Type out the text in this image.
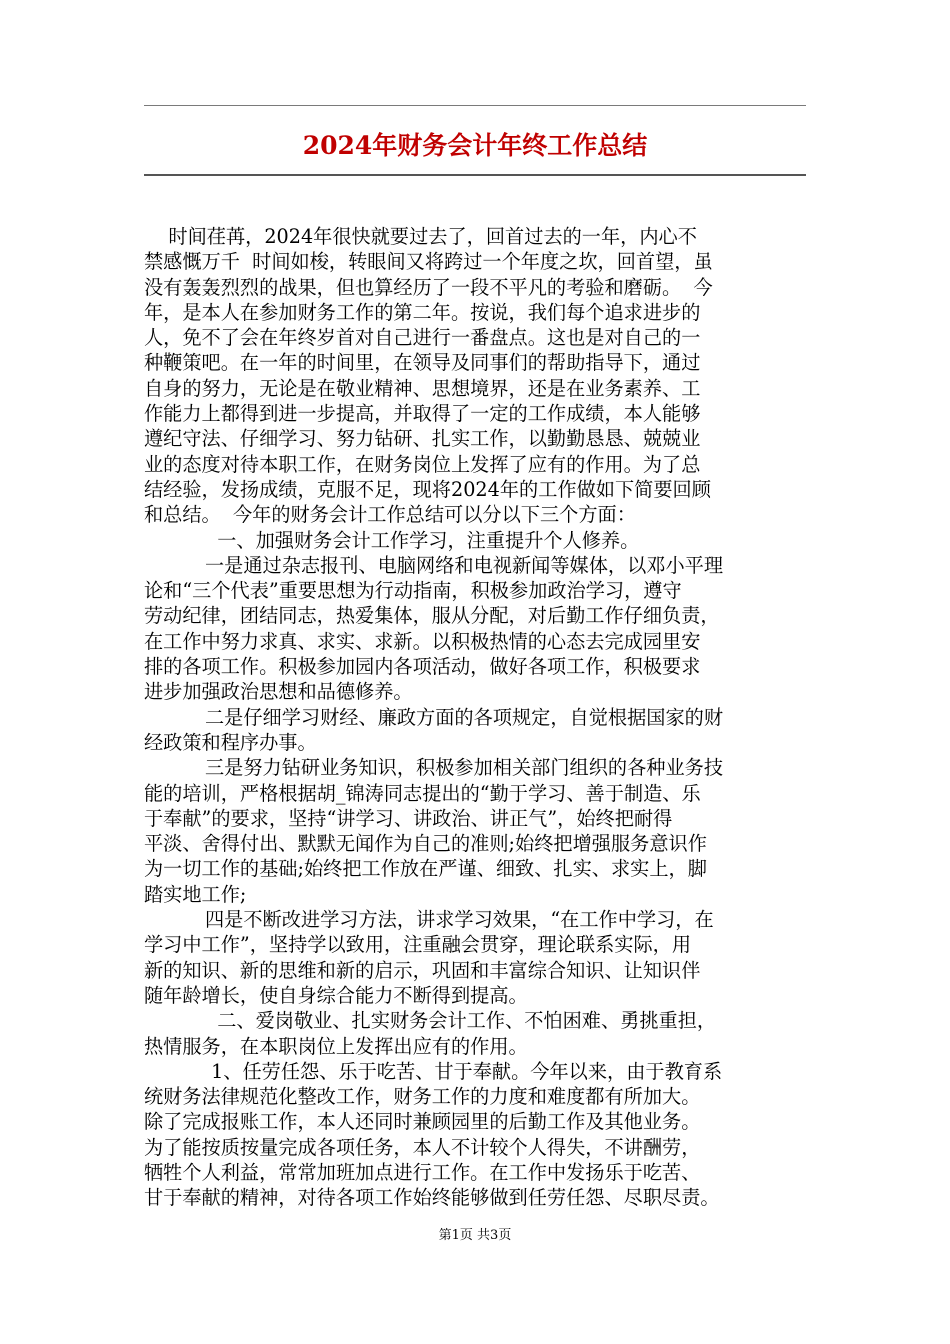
2024年财务会计年终工作总结
时间荏苒，2024年很快就要过去了，回首过去的一年，内心不
禁感慨万千  时间如梭，转眼间又将跨过一个年度之坎，回首望，虽
没有轰轰烈烈的战果，但也算经历了一段不平凡的考验和磨砺。  今
年，是本人在参加财务工作的第二年。按说，我们每个追求进步的
人，免不了会在年终岁首对自己进行一番盘点。这也是对自己的一
种鞭策吧。在一年的时间里，在领导及同事们的帮助指导下，通过
自身的努力，无论是在敬业精神、思想境界，还是在业务素养、工
作能力上都得到进一步提高，并取得了一定的工作成绩，本人能够
遵纪守法、仔细学习、努力钻研、扎实工作，以勤勤恳恳、兢兢业
业的态度对待本职工作，在财务岗位上发挥了应有的作用。为了总
结经验，发扬成绩，克服不足，现将2024年的工作做如下简要回顾
和总结。  今年的财务会计工作总结可以分以下三个方面：
一、加强财务会计工作学习，注重提升个人修养。
一是通过杂志报刊、电脑网络和电视新闻等媒体，以邓小平理
论和“三个代表”重要思想为行动指南，积极参加政治学习，遵守
劳动纪律，团结同志，热爱集体，服从分配，对后勤工作仔细负责，
在工作中努力求真、求实、求新。以积极热情的心态去完成园里安
排的各项工作。积极参加园内各项活动，做好各项工作，积极要求
进步加强政治思想和品德修养。
二是仔细学习财经、廉政方面的各项规定，自觉根据国家的财
经政策和程序办事。
三是努力钻研业务知识，积极参加相关部门组织的各种业务技
能的培训，严格根据胡_锦涛同志提出的“勤于学习、善于制造、乐
于奉献”的要求，坚持“讲学习、讲政治、讲正气”，始终把耐得
平淡、舍得付出、默默无闻作为自己的准则;始终把增强服务意识作
为一切工作的基础;始终把工作放在严谨、细致、扎实、求实上，脚
踏实地工作;
四是不断改进学习方法，讲求学习效果，“在工作中学习，在
学习中工作”，坚持学以致用，注重融会贯穿，理论联系实际，用
新的知识、新的思维和新的启示，巩固和丰富综合知识、让知识伴
随年龄增长，使自身综合能力不断得到提高。
二、爱岗敬业、扎实财务会计工作、不怕困难、勇挑重担，
热情服务，在本职岗位上发挥出应有的作用。
1、任劳任怨、乐于吃苦、甘于奉献。今年以来，由于教育系
统财务法律规范化整改工作，财务工作的力度和难度都有所加大。
除了完成报账工作，本人还同时兼顾园里的后勤工作及其他业务。
为了能按质按量完成各项任务，本人不计较个人得失，不讲酬劳，
牺牲个人利益，常常加班加点进行工作。在工作中发扬乐于吃苦、
甘于奉献的精神，对待各项工作始终能够做到任劳任怨、尽职尽责。
第1页 共3页
